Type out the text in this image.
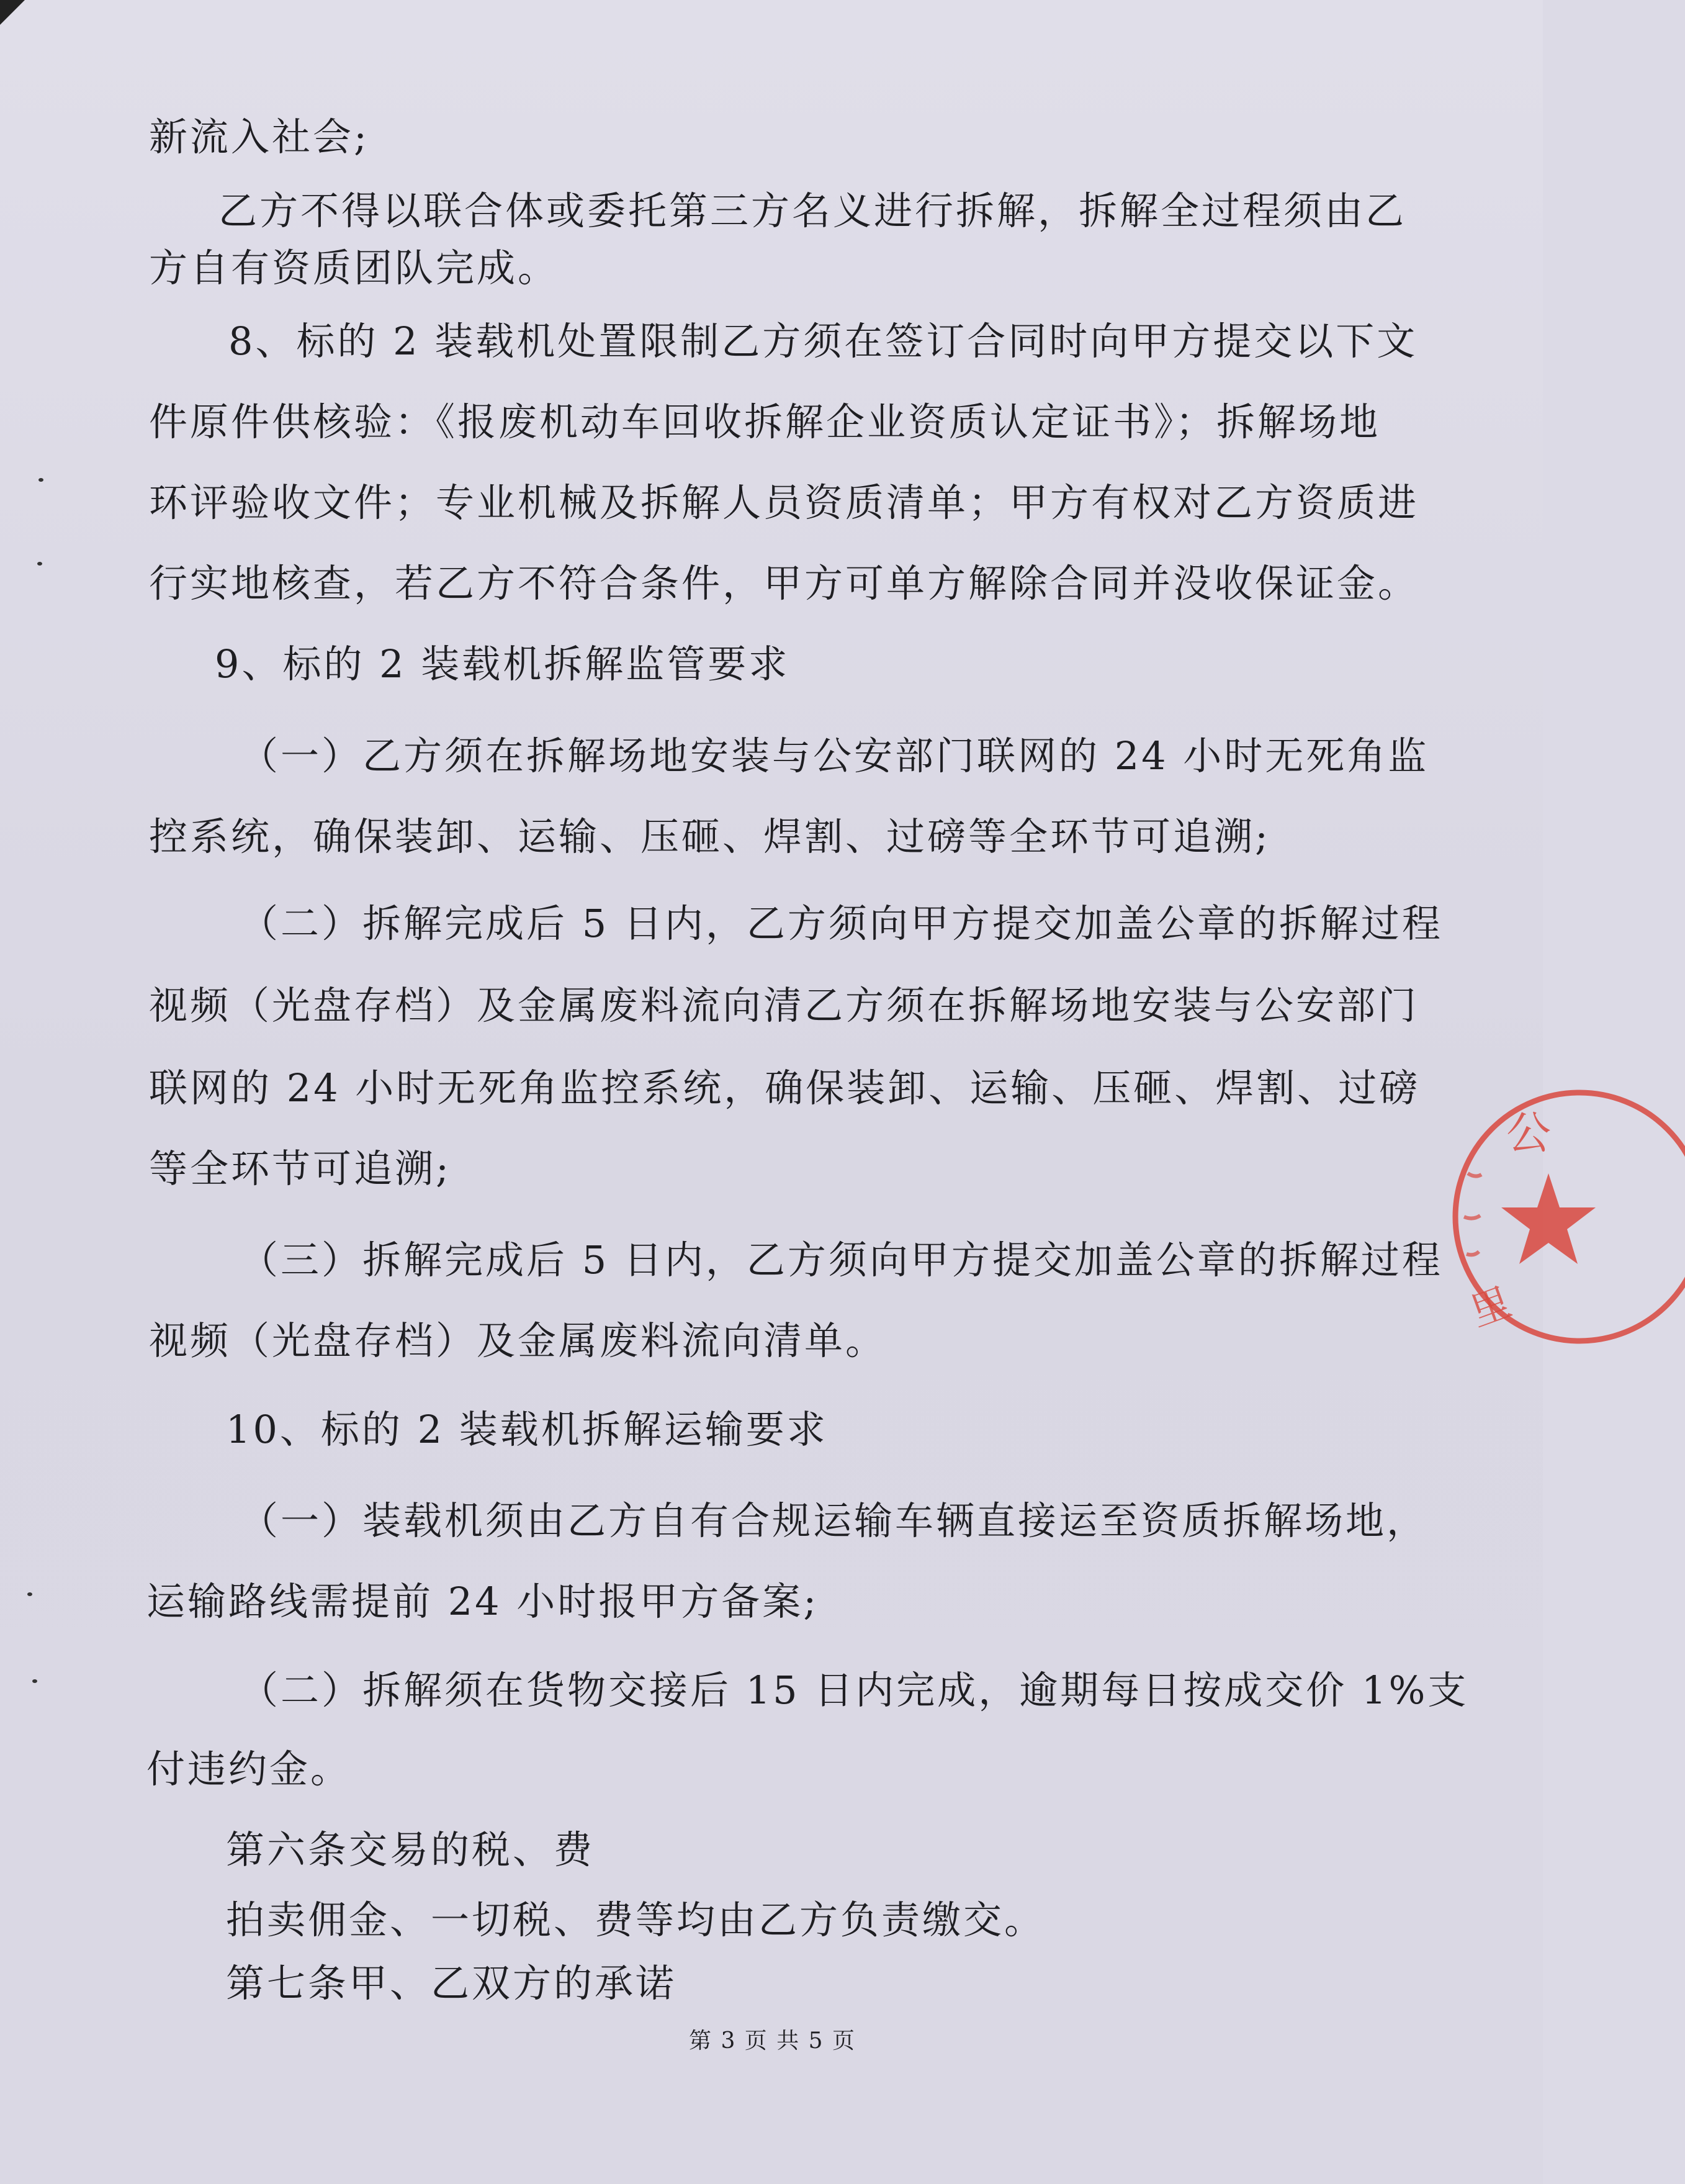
新流入社会;
乙方不得以联合体或委托第三方名义进行拆解，拆解全过程须由乙
方自有资质团队完成。
8、标的 2 装载机处置限制乙方须在签订合同时向甲方提交以下文
件原件供核验：《报废机动车回收拆解企业资质认定证书》；拆解场地
环评验收文件；专业机械及拆解人员资质清单；甲方有权对乙方资质进
行实地核查，若乙方不符合条件，甲方可单方解除合同并没收保证金。
9、标的 2 装载机拆解监管要求
（一）乙方须在拆解场地安装与公安部门联网的 24 小时无死角监
控系统，确保装卸、运输、压砸、焊割、过磅等全环节可追溯;
（二）拆解完成后 5 日内，乙方须向甲方提交加盖公章的拆解过程
视频（光盘存档）及金属废料流向清乙方须在拆解场地安装与公安部门
联网的 24 小时无死角监控系统，确保装卸、运输、压砸、焊割、过磅
等全环节可追溯;
（三）拆解完成后 5 日内，乙方须向甲方提交加盖公章的拆解过程
视频（光盘存档）及金属废料流向清单。
10、标的 2 装载机拆解运输要求
（一）装载机须由乙方自有合规运输车辆直接运至资质拆解场地，
运输路线需提前 24 小时报甲方备案;
（二）拆解须在货物交接后 15 日内完成，逾期每日按成交价 1%支
付违约金。
第六条交易的税、费
拍卖佣金、一切税、费等均由乙方负责缴交。
第七条甲、乙双方的承诺
第 3 页 共 5 页
公
里
